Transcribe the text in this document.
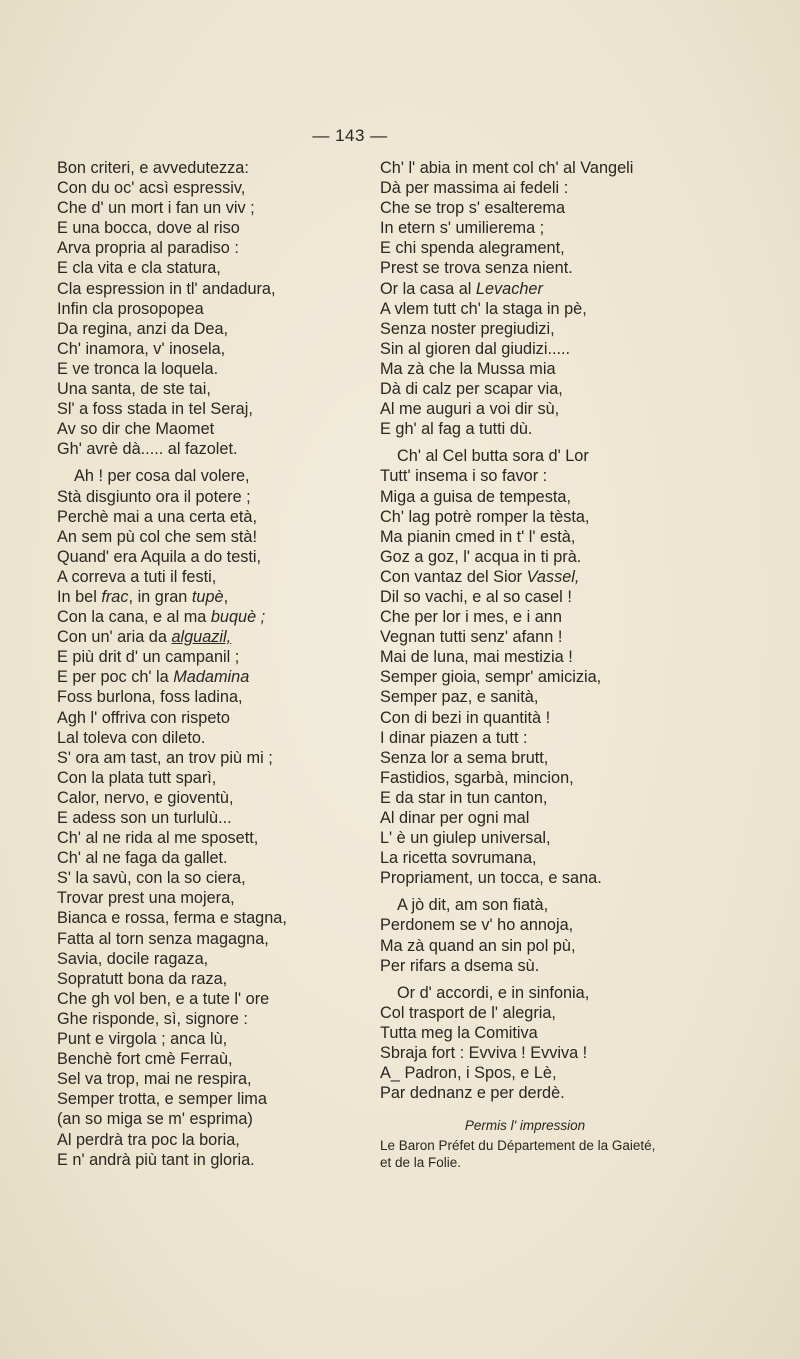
— 143 —
Bon criteri, e avvedutezza:
Con du oc' acsì espressiv,
Che d' un mort i fan un viv ;
E una bocca, dove al riso
Arva propria al paradiso :
E cla vita e cla statura,
Cla espression in tl' andadura,
Infin cla prosopopea
Da regina, anzi da Dea,
Ch' inamora, v' inosela,
E ve tronca la loquela.
Una santa, de ste tai,
Sl' a foss stada in tel Seraj,
Av so dir che Maomet
Gh' avrè dà..... al fazolet.
Ah ! per cosa dal volere,
Stà disgiunto ora il potere ;
Perchè mai a una certa età,
An sem pù col che sem stà!
Quand' era Aquila a do testi,
A correva a tuti il festi,
In bel frac, in gran tupè,
Con la cana, e al ma buquè ;
Con un' aria da alguazil,
E più drit d' un campanil ;
E per poc ch' la Madamina
Foss burlona, foss ladina,
Agh l' offriva con rispeto
Lal toleva con dileto.
S' ora am tast, an trov più mi ;
Con la plata tutt sparì,
Calor, nervo, e gioventù,
E adess son un turlulù...
Ch' al ne rida al me sposett,
Ch' al ne faga da gallet.
S' la savù, con la so ciera,
Trovar prest una mojera,
Bianca e rossa, ferma e stagna,
Fatta al torn senza magagna,
Savia, docile ragaza,
Sopratutt bona da raza,
Che gh vol ben, e a tute l' ore
Ghe risponde, sì, signore :
Punt e virgola ; anca lù,
Benchè fort cmè Ferraù,
Sel va trop, mai ne respira,
Semper trotta, e semper lima
(an so miga se m' esprima)
Al perdrà tra poc la boria,
E n' andrà più tant in gloria.
Ch' l' abia in ment col ch' al Vangeli
Dà per massima ai fedeli :
Che se trop s' esalterema
In etern s' umilierema ;
E chi spenda alegrament,
Prest se trova senza nient.
Or la casa al Levacher
A vlem tutt ch' la staga in pè,
Senza noster pregiudizi,
Sin al gioren dal giudizi.....
Ma zà che la Mussa mia
Dà di calz per scapar via,
Al me auguri a voi dir sù,
E gh' al fag a tutti dù.
Ch' al Cel butta sora d' Lor
Tutt' insema i so favor :
Miga a guisa de tempesta,
Ch' lag potrè romper la tèsta,
Ma pianin cmed in t' l' està,
Goz a goz, l' acqua in ti prà.
Con vantaz del Sior Vassel,
Dil so vachi, e al so casel !
Che per lor i mes, e i ann
Vegnan tutti senz' afann !
Mai de luna, mai mestizia !
Semper gioia, sempr' amicizia,
Semper paz, e sanità,
Con di bezi in quantità !
I dinar piazen a tutt :
Senza lor a sema brutt,
Fastidios, sgarbà, mincion,
E da star in tun canton,
Al dinar per ogni mal
L' è un giulep universal,
La ricetta sovrumana,
Propriament, un tocca, e sana.
A jò dit, am son fiatà,
Perdonem se v' ho annoja,
Ma zà quand an sin pol pù,
Per rifars a dsema sù.
Or d' accordi, e in sinfonia,
Col trasport de l' alegria,
Tutta meg la Comitiva
Sbraja fort : Evviva ! Evviva !
A_ Padron, i Spos, e Lè,
Par dednanz e per derdè.
Permis l' impression
Le Baron Préfet du Département de la Gaieté,
et de la Folie.
